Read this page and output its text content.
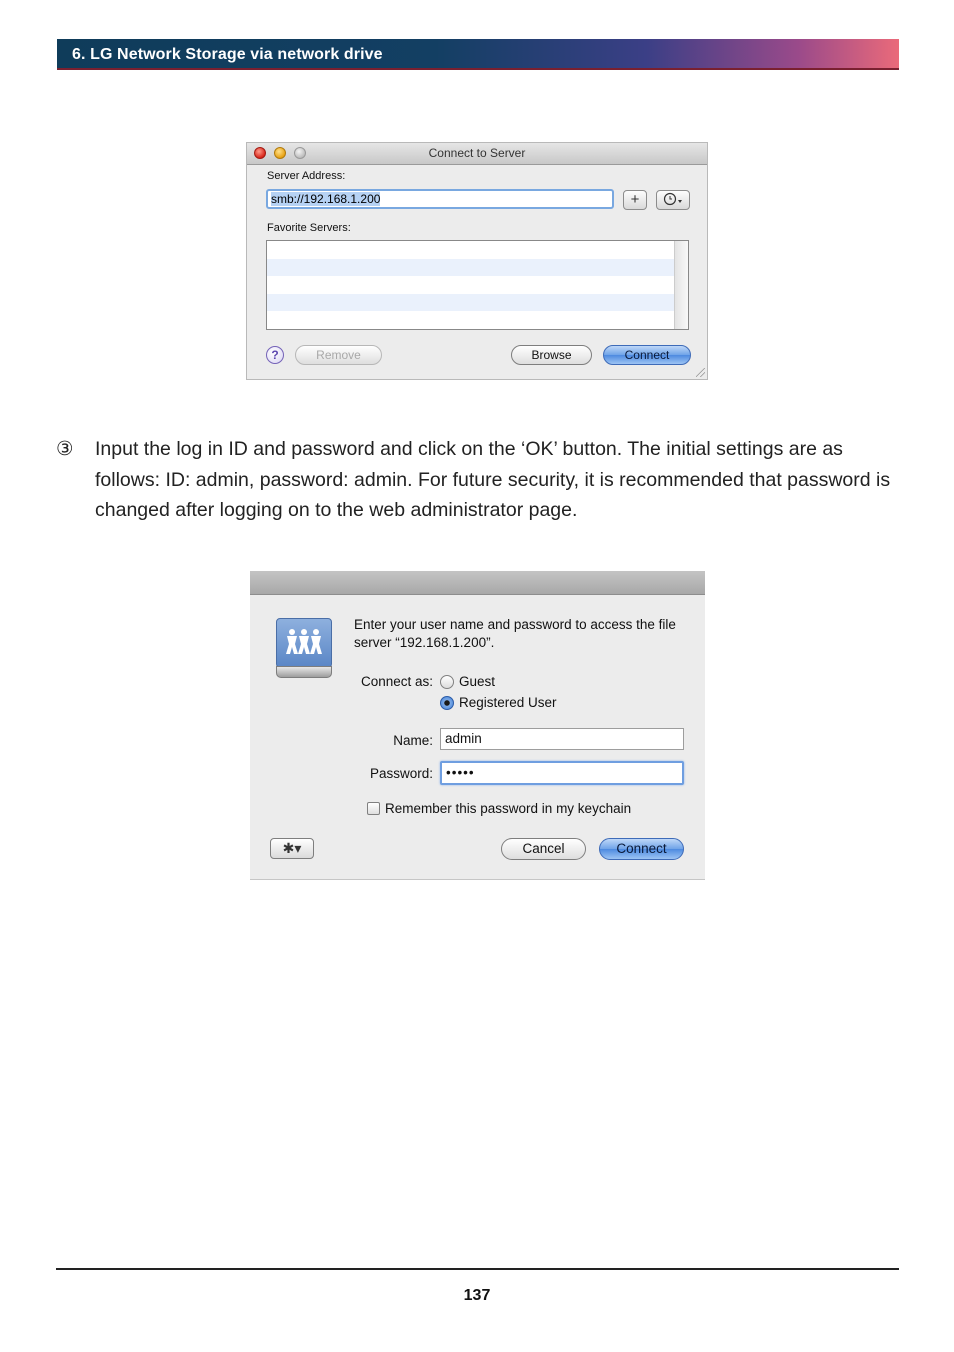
6. LG Network Storage via network drive
Connect to Server
Server Address:
smb://192.168.1.200	+
Favorite Servers:
?	Remove	Browse	Connect
③ Input the log in ID and password and click on the ‘OK’ button. The initial settings are as follows: ID: admin, password: admin. For future security, it is recommended that password is changed after logging on to the web administrator page.
Enter your user name and password to access the file server “192.168.1.200”.
Connect as: Guest
Registered User
Name: admin
Password: •••••
Remember this password in my keychain
✱▾	Cancel	Connect
137
